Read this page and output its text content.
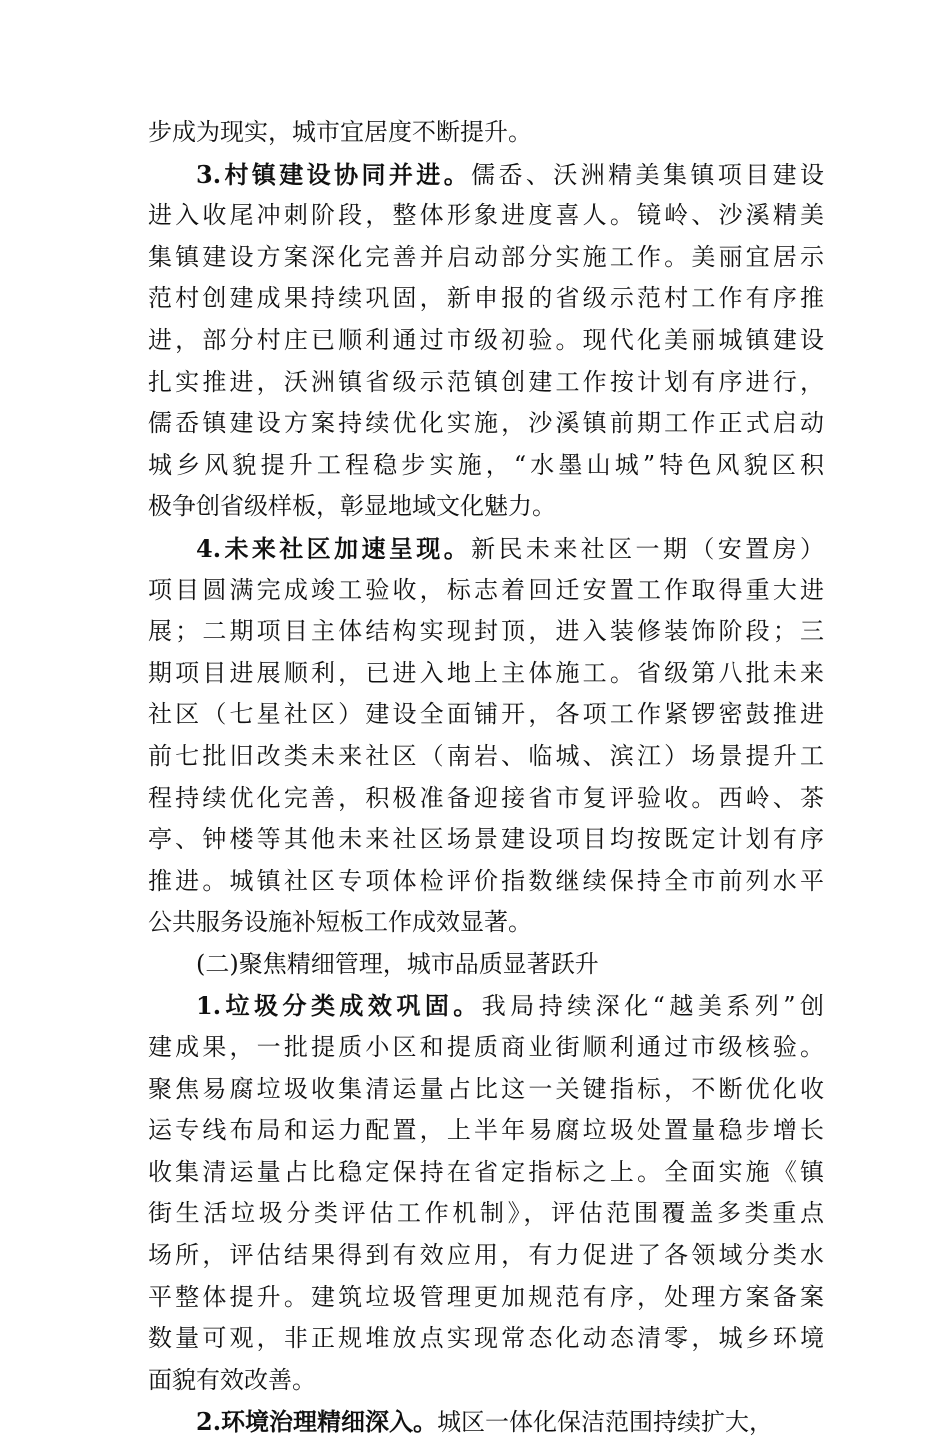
步成为现实，城市宜居度不断提升。
3.村镇建设协同并进。儒岙、沃洲精美集镇项目建设
进入收尾冲刺阶段，整体形象进度喜人。镜岭、沙溪精美
集镇建设方案深化完善并启动部分实施工作。美丽宜居示
范村创建成果持续巩固，新申报的省级示范村工作有序推
进，部分村庄已顺利通过市级初验。现代化美丽城镇建设
扎实推进，沃洲镇省级示范镇创建工作按计划有序进行，
儒岙镇建设方案持续优化实施，沙溪镇前期工作正式启动
城乡风貌提升工程稳步实施，“水墨山城”特色风貌区积
极争创省级样板，彰显地域文化魅力。
4.未来社区加速呈现。新民未来社区一期（安置房）
项目圆满完成竣工验收，标志着回迁安置工作取得重大进
展；二期项目主体结构实现封顶，进入装修装饰阶段；三
期项目进展顺利，已进入地上主体施工。省级第八批未来
社区（七星社区）建设全面铺开，各项工作紧锣密鼓推进
前七批旧改类未来社区（南岩、临城、滨江）场景提升工
程持续优化完善，积极准备迎接省市复评验收。西岭、茶
亭、钟楼等其他未来社区场景建设项目均按既定计划有序
推进。城镇社区专项体检评价指数继续保持全市前列水平
公共服务设施补短板工作成效显著。
(二)聚焦精细管理，城市品质显著跃升
1.垃圾分类成效巩固。我局持续深化“越美系列”创
建成果，一批提质小区和提质商业街顺利通过市级核验。
聚焦易腐垃圾收集清运量占比这一关键指标，不断优化收
运专线布局和运力配置，上半年易腐垃圾处置量稳步增长
收集清运量占比稳定保持在省定指标之上。全面实施《镇
街生活垃圾分类评估工作机制》，评估范围覆盖多类重点
场所，评估结果得到有效应用，有力促进了各领域分类水
平整体提升。建筑垃圾管理更加规范有序，处理方案备案
数量可观，非正规堆放点实现常态化动态清零，城乡环境
面貌有效改善。
2.环境治理精细深入。城区一体化保洁范围持续扩大，
